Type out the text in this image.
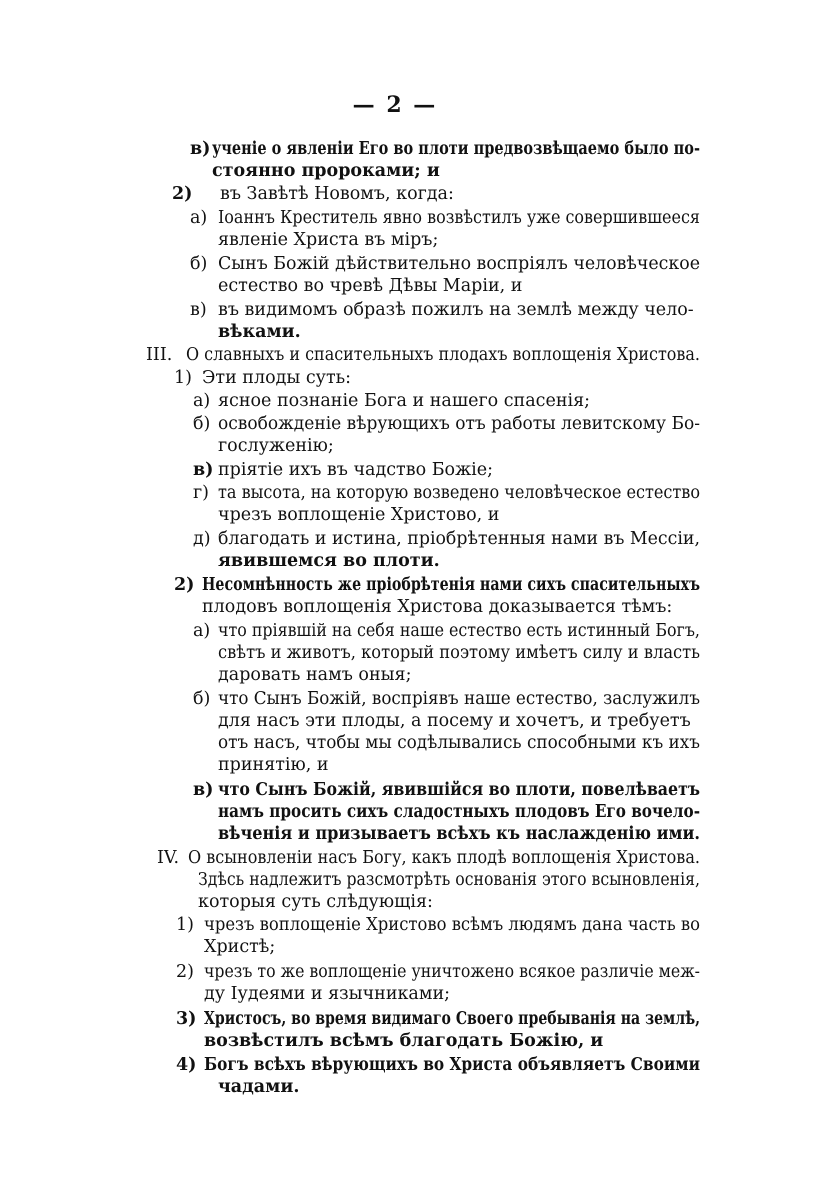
— 2 —
в) ученіе о явленіи Его во плоти предвозвѣщаемо было по-
стоянно пророками; и
2) въ Завѣтѣ Новомъ, когда:
а) Іоаннъ Креститель явно возвѣстилъ уже совершившееся
явленіе Христа въ міръ;
б) Сынъ Божій дѣйствительно воспріялъ человѣческое
естество во чревѣ Дѣвы Маріи, и
в) въ видимомъ образѣ пожилъ на землѣ между чело-
вѣками.
III. О славныхъ и спасительныхъ плодахъ воплощенія Христова.
1) Эти плоды суть:
а) ясное познаніе Бога и нашего спасенія;
б) освобожденіе вѣрующихъ отъ работы левитскому Бо-
гослуженію;
в) пріятіе ихъ въ чадство Божіе;
г) та высота, на которую возведено человѣческое естество
чрезъ воплощеніе Христово, и
д) благодать и истина, пріобрѣтенныя нами въ Мессіи,
явившемся во плоти.
2) Несомнѣнность же пріобрѣтенія нами сихъ спасительныхъ
плодовъ воплощенія Христова доказывается тѣмъ:
а) что пріявшій на себя наше естество есть истинный Богъ,
свѣтъ и животъ, который поэтому имѣетъ силу и власть
даровать намъ оныя;
б) что Сынъ Божій, воспріявъ наше естество, заслужилъ
для насъ эти плоды, а посему и хочетъ, и требуетъ
отъ насъ, чтобы мы содѣлывались способными къ ихъ
принятію, и
в) что Сынъ Божій, явившійся во плоти, повелѣваетъ
намъ просить сихъ сладостныхъ плодовъ Его вочело-
вѣченія и призываетъ всѣхъ къ наслажденію ими.
IV. О всыновленіи насъ Богу, какъ плодѣ воплощенія Христова.
Здѣсь надлежитъ разсмотрѣть основанія этого всыновленія,
которыя суть слѣдующія:
1) чрезъ воплощеніе Христово всѣмъ людямъ дана часть во
Христѣ;
2) чрезъ то же воплощеніе уничтожено всякое различіе меж-
ду Іудеями и язычниками;
3) Христосъ, во время видимаго Своего пребыванія на землѣ,
возвѣстилъ всѣмъ благодать Божію, и
4) Богъ всѣхъ вѣрующихъ во Христа объявляетъ Своими
чадами.
